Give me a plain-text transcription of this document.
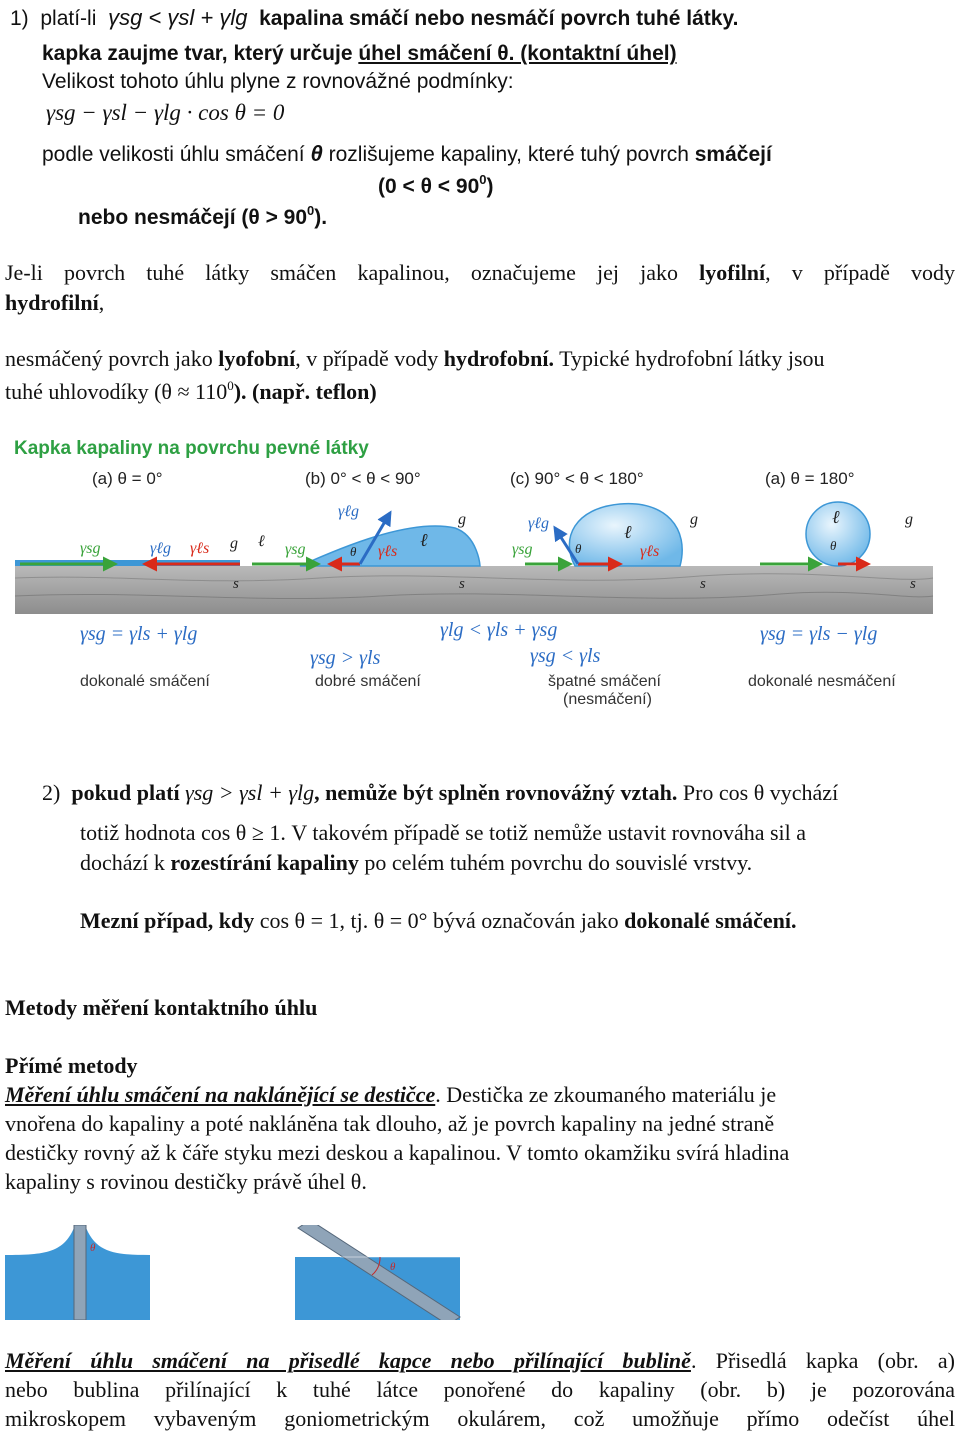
1) platí-li γsg < γsl + γlg kapalina smáčí nebo nesmáčí povrch tuhé látky.
kapka zaujme tvar, který určuje úhel smáčení θ. (kontaktní úhel)
Velikost tohoto úhlu plyne z rovnovážné podmínky:
γsg − γsl − γlg · cos θ = 0
podle velikosti úhlu smáčení θ rozlišujeme kapaliny, které tuhý povrch smáčejí
$(0 < \theta < 90^0)$
nebo nesmáčejí $(\theta > 90^0)$.
Je-li povrch tuhé látky smáčen kapalinou, označujeme jej jako lyofilní, v případě vody
hydrofilní,
nesmáčený povrch jako lyofobní, v případě vody hydrofobní. Typické hydrofobní látky jsou
tuhé uhlovodíky $(\theta \approx 110^0)$. (např. teflon)
Kapka kapaliny na povrchu pevné látky
(a) θ = 0°	(b) 0° < θ < 90°	(c) 90° < θ < 180°	(a) θ = 180°
γsg	γℓg γℓs g
s
γsg
γℓg
γℓs
θ
ℓ
g
ℓ
s
γsg
γℓg
γℓs
θ
ℓ
g
s
ℓ
θ
g
s
γsg = γls + γlg
γsg > γls
γlg < γls + γsg
γsg < γls
γsg = γls − γlg
dokonalé smáčení	dobré smáčení	špatné smáčení
(nesmáčení)
dokonalé nesmáčení
2) pokud platí γsg > γsl + γlg, nemůže být splněn rovnovážný vztah. Pro cos θ vychází
totiž hodnota cos θ ≥ 1. V takovém případě se totiž nemůže ustavit rovnováha sil a
dochází k rozestírání kapaliny po celém tuhém povrchu do souvislé vrstvy.
Mezní případ, kdy cos θ = 1, tj. θ = 0° bývá označován jako dokonalé smáčení.
Metody měření kontaktního úhlu
Přímé metody
Měření úhlu smáčení na naklánějící se destičce. Destička ze zkoumaného materiálu je
vnořena do kapaliny a poté nakláněna tak dlouho, až je povrch kapaliny na jedné straně
destičky rovný až k čáře styku mezi deskou a kapalinou. V tomto okamžiku svírá hladina
kapaliny s rovinou destičky právě úhel θ.
θ
θ
Měření úhlu smáčení na přisedlé kapce nebo přilínající bublině. Přisedlá kapka (obr. a)
nebo bublina přilínající k tuhé látce ponořené do kapaliny (obr. b) je pozorována
mikroskopem vybaveným goniometrickým okulárem, což umožňuje přímo odečíst úhel
